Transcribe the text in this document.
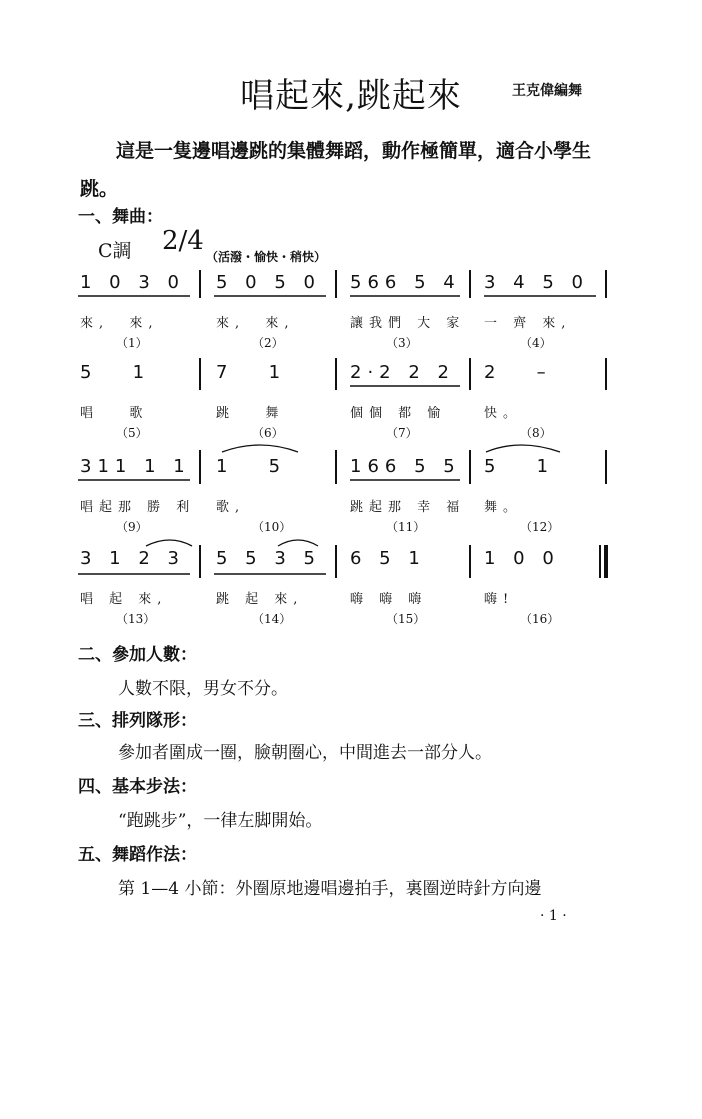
唱起來,跳起來	王克偉編舞
這是一隻邊唱邊跳的集體舞蹈，動作極簡單，適合小學生跳。
一、舞曲：
C調 2/4
（活潑・愉快・稍快）
1 0 3 0
來,  來,
（1）
5 0 5 0
來,  來,
（2）
566 5 4
讓我們 大 家
（3）
3 4 5 0
一 齊 來,
（4）
5   1
唱   歌
（5）
7   1
跳   舞
（6）
2·2 2 2
個個 都 愉
（7）
2   –
快。
（8）
311 1 1
唱起那 勝 利
（9）
1   5
歌,
（10）
166 5 5
跳起那 幸 福
（11）
5   1
舞。
（12）
3 1 2 3
唱 起 來,
（13）
5 5 3 5
跳 起 來,
（14）
6 5 1
嗨 嗨 嗨
（15）
1 0 0
嗨!
（16）
二、參加人數：
人數不限，男女不分。
三、排列隊形：
參加者圍成一圈，臉朝圈心，中間進去一部分人。
四、基本步法：
“跑跳步”，一律左脚開始。
五、舞蹈作法：
第 1—4 小節：外圈原地邊唱邊拍手，裏圈逆時針方向邊
· 1 ·
